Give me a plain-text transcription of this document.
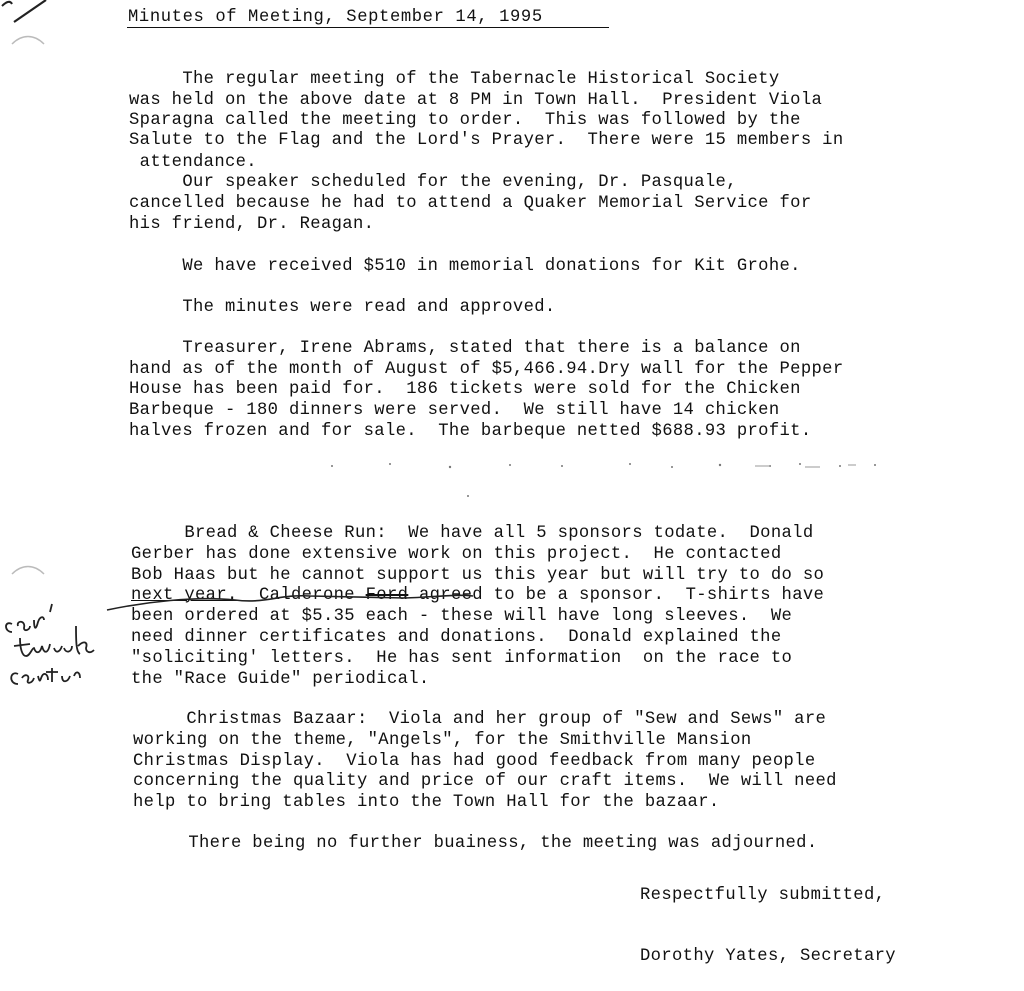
Minutes of Meeting, September 14, 1995
The regular meeting of the Tabernacle Historical Society
was held on the above date at 8 PM in Town Hall.  President Viola
Sparagna called the meeting to order.  This was followed by the
Salute to the Flag and the Lord's Prayer.  There were 15 members in
attendance.
Our speaker scheduled for the evening, Dr. Pasquale,
cancelled because he had to attend a Quaker Memorial Service for
his friend, Dr. Reagan.
We have received $510 in memorial donations for Kit Grohe.
The minutes were read and approved.
Treasurer, Irene Abrams, stated that there is a balance on
hand as of the month of August of $5,466.94.Dry wall for the Pepper
House has been paid for.  186 tickets were sold for the Chicken
Barbeque - 180 dinners were served.  We still have 14 chicken
halves frozen and for sale.  The barbeque netted $688.93 profit.
Bread & Cheese Run:  We have all 5 sponsors todate.  Donald
Gerber has done extensive work on this project.  He contacted
Bob Haas but he cannot support us this year but will try to do so
next year.  Calderone Ford agreed to be a sponsor.  T-shirts have
been ordered at $5.35 each - these will have long sleeves.  We
need dinner certificates and donations.  Donald explained the
"soliciting' letters.  He has sent information  on the race to
the "Race Guide" periodical.
Christmas Bazaar:  Viola and her group of "Sew and Sews" are
working on the theme, "Angels", for the Smithville Mansion
Christmas Display.  Viola has had good feedback from many people
concerning the quality and price of our craft items.  We will need
help to bring tables into the Town Hall for the bazaar.
There being no further buainess, the meeting was adjourned.
Respectfully submitted,
Dorothy Yates, Secretary
